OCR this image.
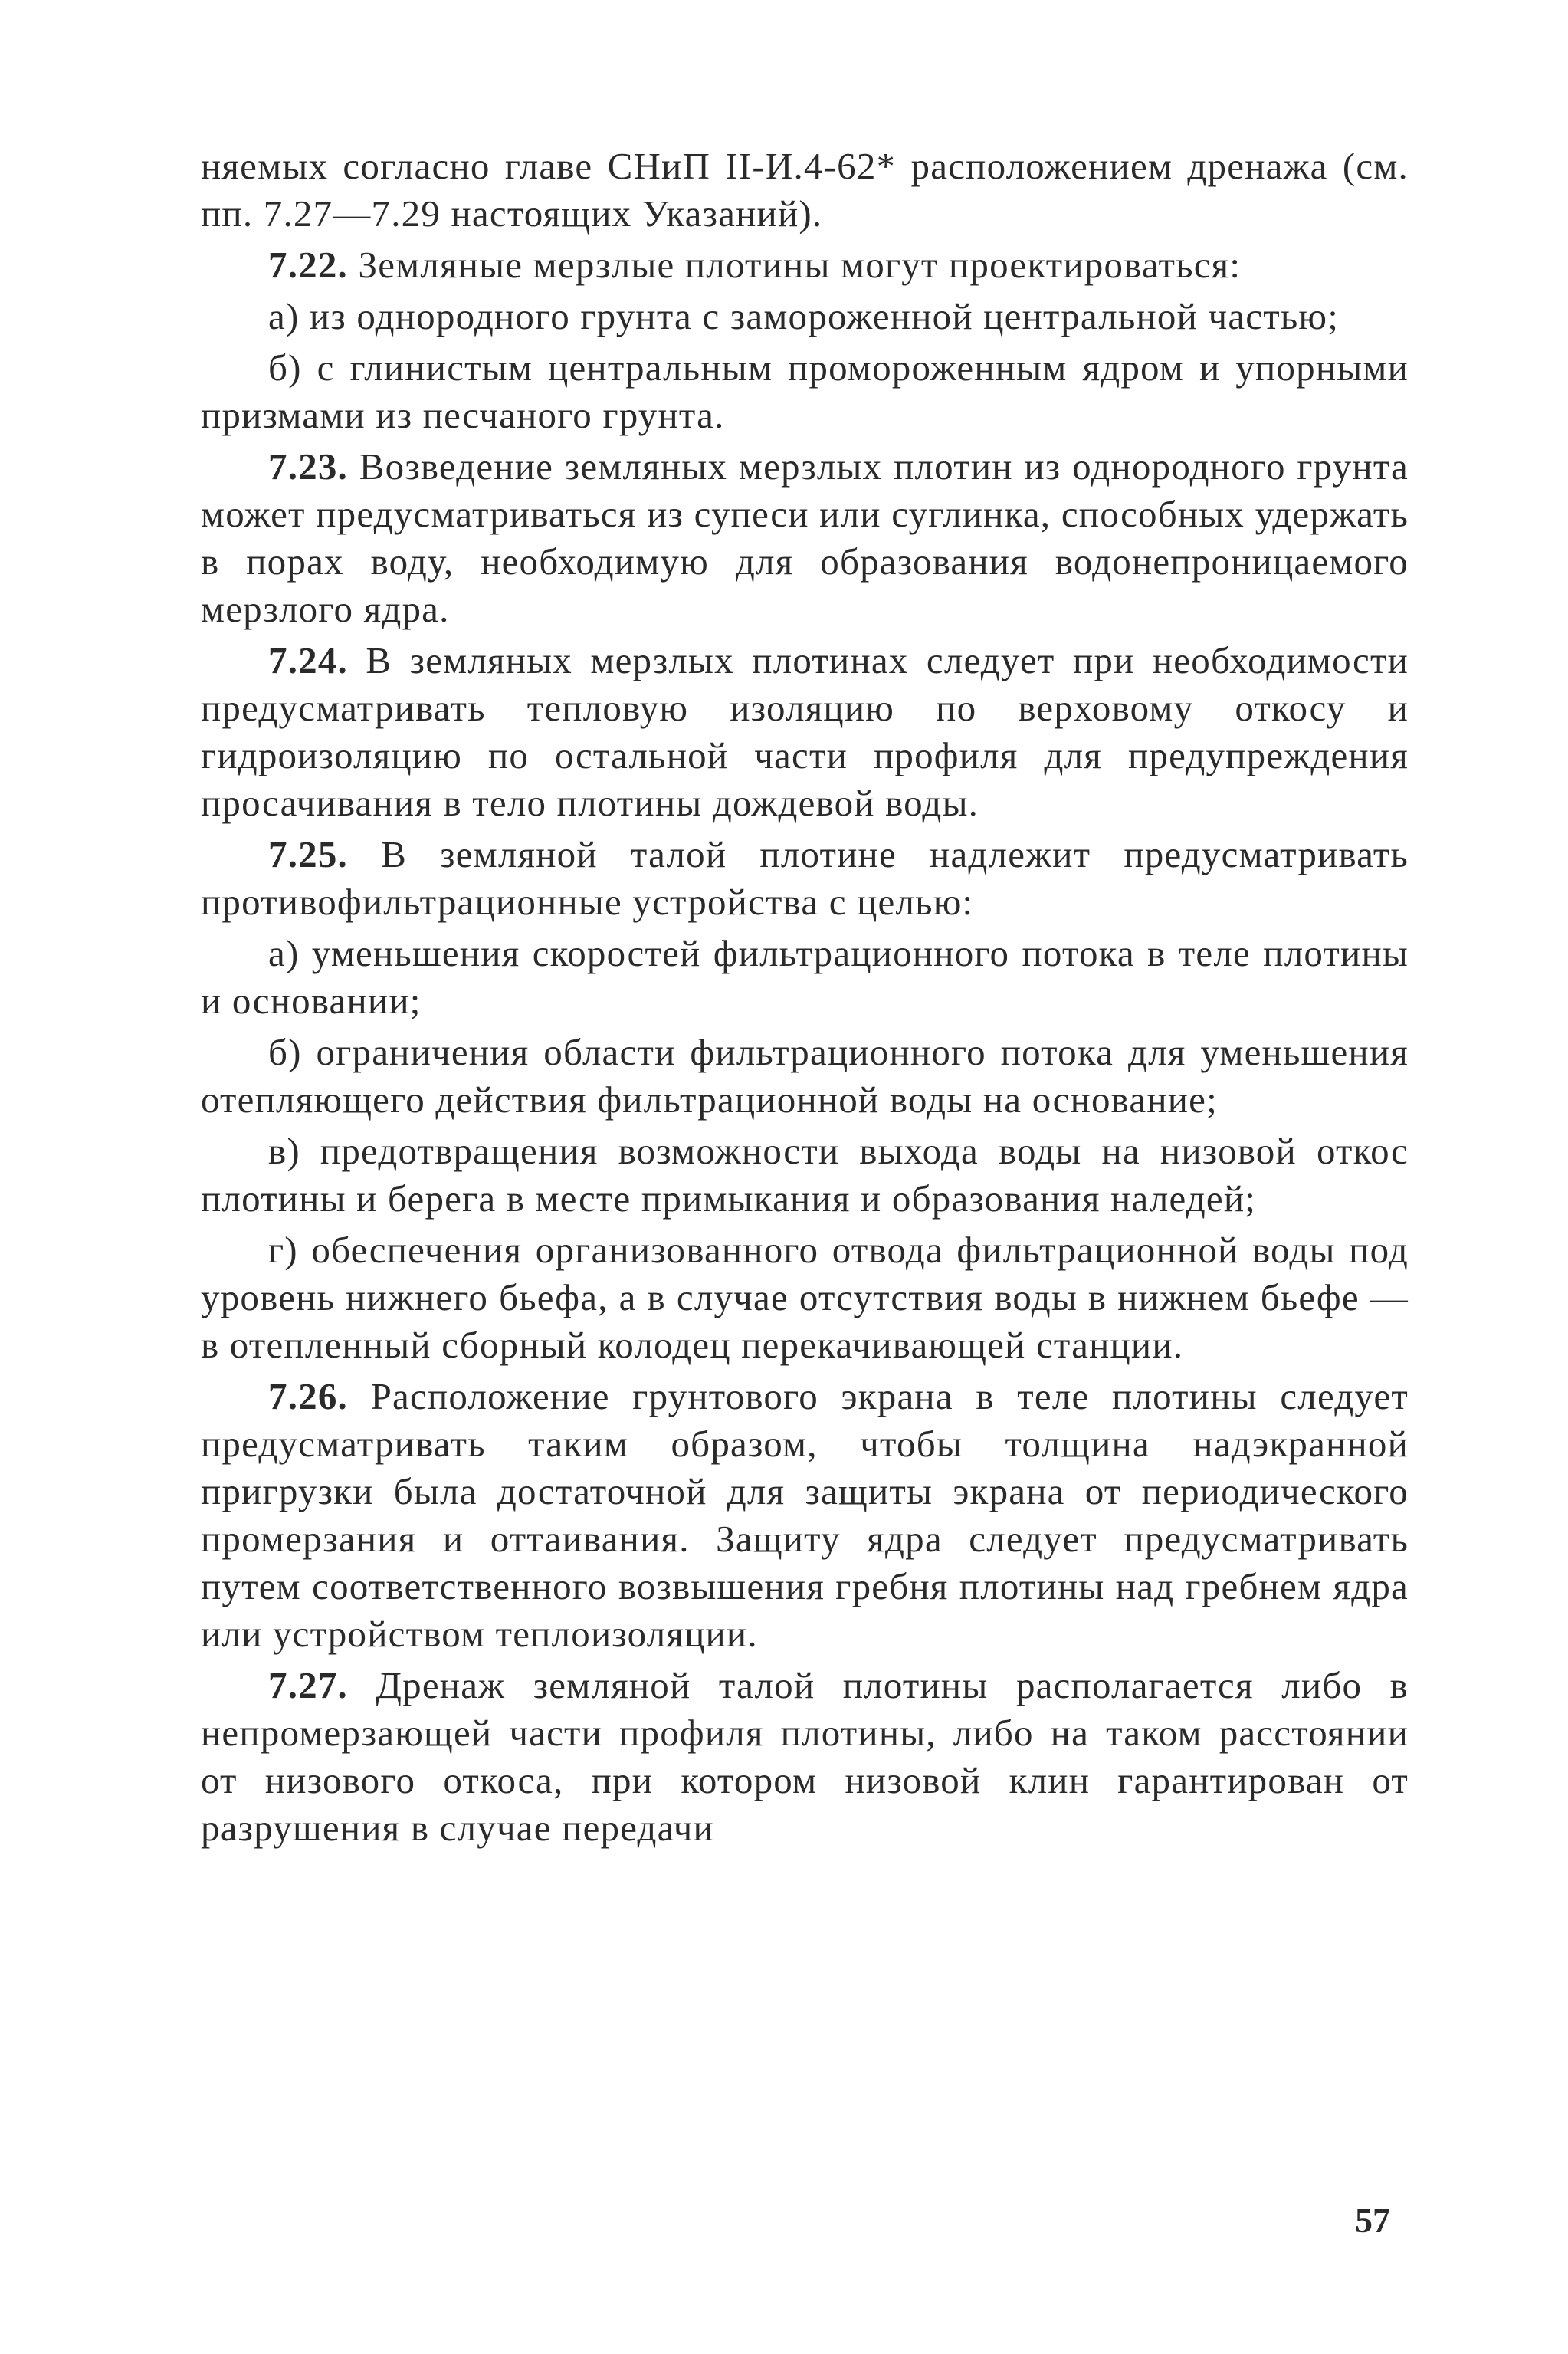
няемых согласно главе СНиП II-И.4-62* расположением дренажа (см. пп. 7.27—7.29 настоящих Указаний).

7.22. Земляные мерзлые плотины могут проектироваться:

а) из однородного грунта с замороженной центральной частью;

б) с глинистым центральным промороженным ядром и упорными призмами из песчаного грунта.

7.23. Возведение земляных мерзлых плотин из однородного грунта может предусматриваться из супеси или суглинка, способных удержать в порах воду, необходимую для образования водонепроницаемого мерзлого ядра.

7.24. В земляных мерзлых плотинах следует при необходимости предусматривать тепловую изоляцию по верховому откосу и гидроизоляцию по остальной части профиля для предупреждения просачивания в тело плотины дождевой воды.

7.25. В земляной талой плотине надлежит предусматривать противофильтрационные устройства с целью:

а) уменьшения скоростей фильтрационного потока в теле плотины и основании;

б) ограничения области фильтрационного потока для уменьшения отепляющего действия фильтрационной воды на основание;

в) предотвращения возможности выхода воды на низовой откос плотины и берега в месте примыкания и образования наледей;

г) обеспечения организованного отвода фильтрационной воды под уровень нижнего бьефа, а в случае отсутствия воды в нижнем бьефе — в отепленный сборный колодец перекачивающей станции.

7.26. Расположение грунтового экрана в теле плотины следует предусматривать таким образом, чтобы толщина надэкранной пригрузки была достаточной для защиты экрана от периодического промерзания и оттаивания. Защиту ядра следует предусматривать путем соответственного возвышения гребня плотины над гребнем ядра или устройством теплоизоляции.

7.27. Дренаж земляной талой плотины располагается либо в непромерзающей части профиля плотины, либо на таком расстоянии от низового откоса, при котором низовой клин гарантирован от разрушения в случае передачи

57
